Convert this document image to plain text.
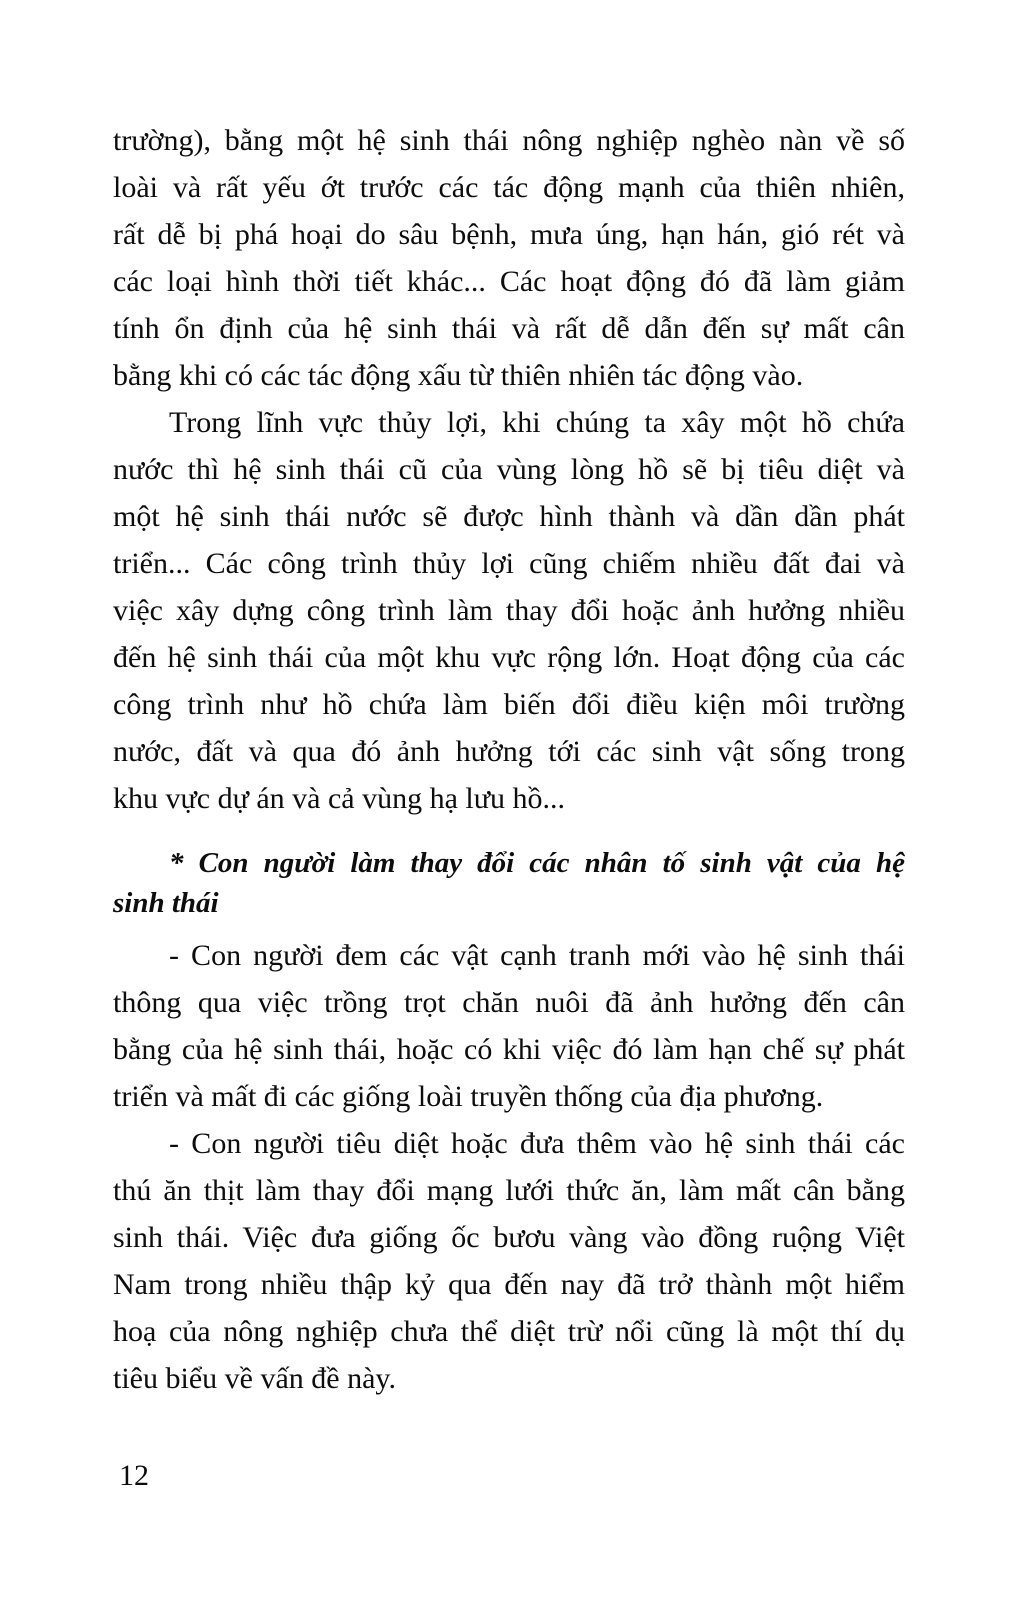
trường), bằng một hệ sinh thái nông nghiệp nghèo nàn về số
loài và rất yếu ớt trước các tác động mạnh của thiên nhiên,
rất dễ bị phá hoại do sâu bệnh, mưa úng, hạn hán, gió rét và
các loại hình thời tiết khác... Các hoạt động đó đã làm giảm
tính ổn định của hệ sinh thái và rất dễ dẫn đến sự mất cân
bằng khi có các tác động xấu từ thiên nhiên tác động vào.
Trong lĩnh vực thủy lợi, khi chúng ta xây một hồ chứa
nước thì hệ sinh thái cũ của vùng lòng hồ sẽ bị tiêu diệt và
một hệ sinh thái nước sẽ được hình thành và dần dần phát
triển... Các công trình thủy lợi cũng chiếm nhiều đất đai và
việc xây dựng công trình làm thay đổi hoặc ảnh hưởng nhiều
đến hệ sinh thái của một khu vực rộng lớn. Hoạt động của các
công trình như hồ chứa làm biến đổi điều kiện môi trường
nước, đất và qua đó ảnh hưởng tới các sinh vật sống trong
khu vực dự án và cả vùng hạ lưu hồ...
* Con người làm thay đổi các nhân tố sinh vật của hệ
sinh thái
- Con người đem các vật cạnh tranh mới vào hệ sinh thái
thông qua việc trồng trọt chăn nuôi đã ảnh hưởng đến cân
bằng của hệ sinh thái, hoặc có khi việc đó làm hạn chế sự phát
triển và mất đi các giống loài truyền thống của địa phương.
- Con người tiêu diệt hoặc đưa thêm vào hệ sinh thái các
thú ăn thịt làm thay đổi mạng lưới thức ăn, làm mất cân bằng
sinh thái. Việc đưa giống ốc bươu vàng vào đồng ruộng Việt
Nam trong nhiều thập kỷ qua đến nay đã trở thành một hiểm
hoạ của nông nghiệp chưa thể diệt trừ nổi cũng là một thí dụ
tiêu biểu về vấn đề này.
12
